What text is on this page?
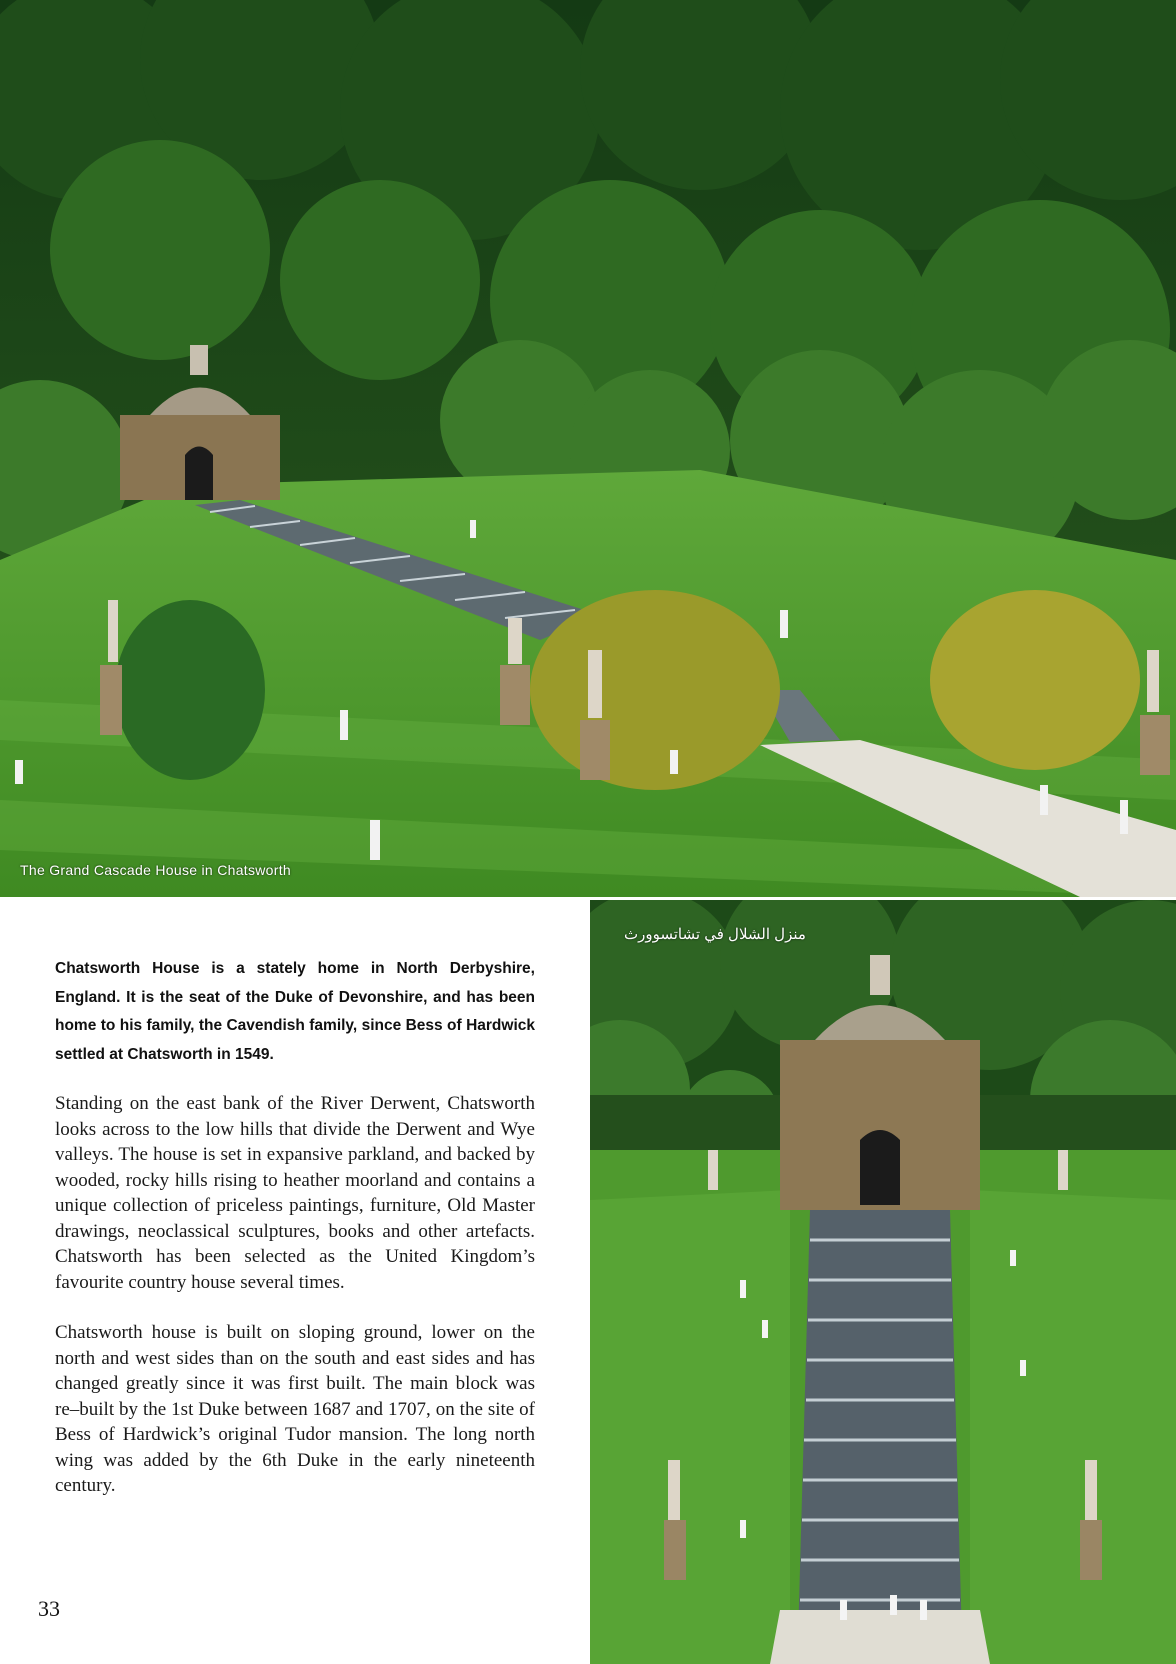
The Grand Cascade House in Chatsworth
منزل الشلال في تشاتسوورث

Chatsworth House is a stately home in North Derbyshire, England. It is the seat of the Duke of Devonshire, and has been home to his family, the Cavendish family, since Bess of Hardwick settled at Chatsworth in 1549.

Standing on the east bank of the River Derwent, Chatsworth looks across to the low hills that divide the Derwent and Wye valleys. The house is set in expansive parkland, and backed by wooded, rocky hills rising to heather moorland and contains a unique collection of priceless paintings, furniture, Old Master drawings, neoclassical sculptures, books and other artefacts. Chatsworth has been selected as the United Kingdom’s favourite country house several times.

Chatsworth house is built on sloping ground, lower on the north and west sides than on the south and east sides and has changed greatly since it was first built. The main block was re–built by the 1st Duke between 1687 and 1707, on the site of Bess of Hardwick’s original Tudor mansion. The long north wing was added by the 6th Duke in the early nineteenth century.

33
